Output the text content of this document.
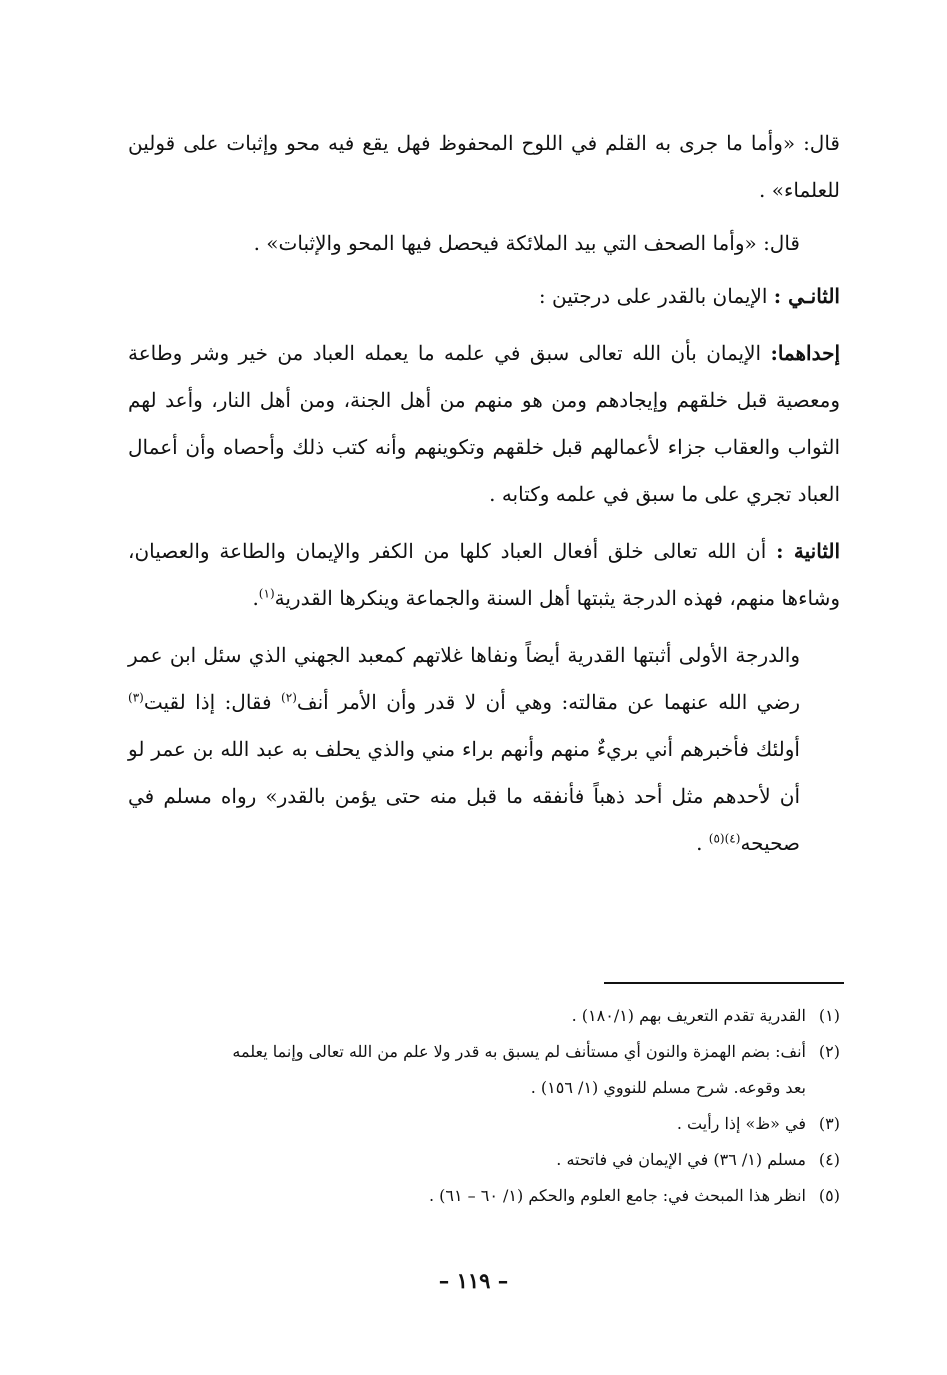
قال: «وأما ما جرى به القلم في اللوح المحفوظ فهل يقع فيه محو وإثبات على قولين للعلماء» .

قال: «وأما الصحف التي بيد الملائكة فيحصل فيها المحو والإثبات» .

الثانـي : الإيمان بالقدر على درجتين :

إحداهما: الإيمان بأن الله تعالى سبق في علمه ما يعمله العباد من خير وشر وطاعة ومعصية قبل خلقهم وإيجادهم ومن هو منهم من أهل الجنة، ومن أهل النار، وأعد لهم الثواب والعقاب جزاء لأعمالهم قبل خلقهم وتكوينهم وأنه كتب ذلك وأحصاه وأن أعمال العباد تجري على ما سبق في علمه وكتابه .

الثانية : أن الله تعالى خلق أفعال العباد كلها من الكفر والإيمان والطاعة والعصيان، وشاءها منهم، فهذه الدرجة يثبتها أهل السنة والجماعة وينكرها القدرية$^{(١)}$.

والدرجة الأولى أثبتها القدرية أيضاً ونفاها غلاتهم كمعبد الجهني الذي سئل ابن عمر رضي الله عنهما عن مقالته: وهي أن لا قدر وأن الأمر أنف$^{(٢)}$ فقال: إذا لقيت$^{(٣)}$ أولئك فأخبرهم أني بريءٌ منهم وأنهم براء مني والذي يحلف به عبد الله بن عمر لو أن لأحدهم مثل أحد ذهباً فأنفقه ما قبل منه حتى يؤمن بالقدر» رواه مسلم في صحيحه$^{(٤)(٥)}$ .

(١)
القدرية تقدم التعريف بهم (١٨٠/١) .
(٢)
أنف: بضم الهمزة والنون أي مستأنف لم يسبق به قدر ولا علم من الله تعالى وإنما يعلمه
بعد وقوعه. شرح مسلم للنووي (١/ ١٥٦) .
(٣)
في «ظ» إذا رأيت .
(٤)
مسلم (١/ ٣٦) في الإيمان في فاتحته .
(٥)
انظر هذا المبحث في: جامع العلوم والحكم (١/ ٦٠ – ٦١) .
– ١١٩ –
